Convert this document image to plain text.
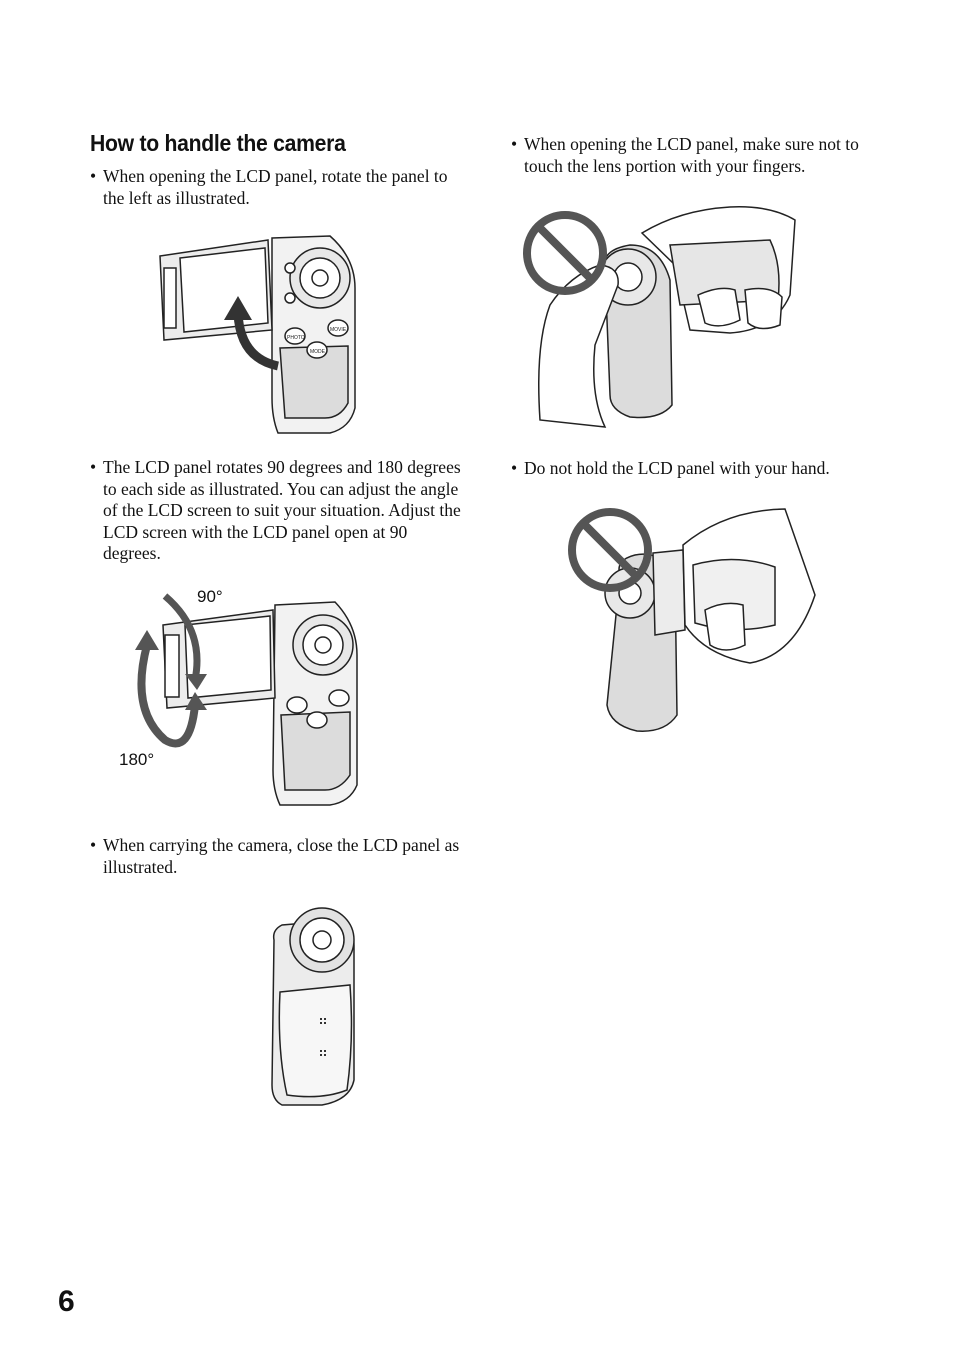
How to handle the camera
• When opening the LCD panel, rotate the panel to the left as illustrated.
• The LCD panel rotates 90 degrees and 180 degrees to each side as illustrated. You can adjust the angle of the LCD screen to suit your situation. Adjust the LCD screen with the LCD panel open at 90 degrees.
• When carrying the camera, close the LCD panel as illustrated.
• When opening the LCD panel, make sure not to touch the lens portion with your fingers.
• Do not hold the LCD panel with your hand.
PHOTO
MOVIE
MODE
90°
180°
6
